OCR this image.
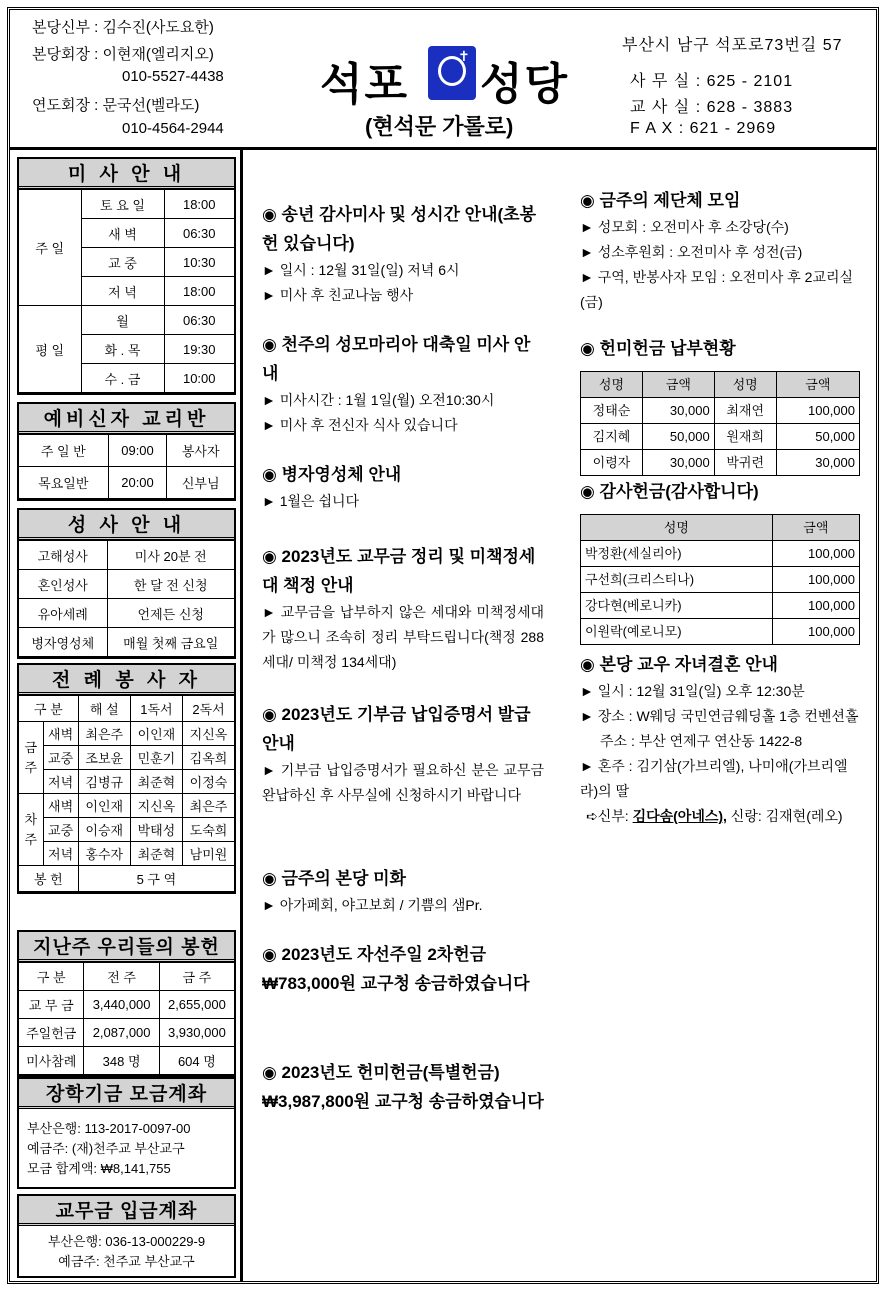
본당신부 : 김수진(사도요한)
본당회장 : 이현재(엘리지오)
010-5527-4438
연도회장 : 문국선(벨라도)
010-4564-2944
석포
✝
성당
(현석문 가롤로)
부산시 남구 석포로73번길 57
사 무 실 : 625 - 2101
교 사 실 : 628 - 3883
F A X : 621 - 2969
미 사 안 내
주 일	토 요 일	18:00
	새 벽	06:30
	교 중	10:30
	저 녁	18:00
평 일	월	06:30
	화 . 목	19:30
	수 . 금	10:00
예비신자 교리반
주 일 반	09:00	봉사자
목요일반	20:00	신부님
성 사 안 내
고해성사	미사 20분 전
혼인성사	한 달 전 신청
유아세례	언제든 신청
병자영성체	매월 첫째 금요일
전 례 봉 사 자
구 분		해 설	1독서	2독서
금주	새벽	최은주	이인재	지신옥
	교중	조보윤	민훈기	김옥희
	저녁	김병규	최준혁	이정숙
차주	새벽	이인재	지신옥	최은주
	교중	이승재	박태성	도숙희
	저녁	홍수자	최준혁	남미원
봉 헌		5 구 역		
지난주 우리들의 봉헌
구 분	전 주	금 주
교 무 금	3,440,000	2,655,000
주일헌금	2,087,000	3,930,000
미사참례	348 명	604 명
장학기금 모금계좌
부산은행: 113-2017-0097-00
예금주: (재)천주교 부산교구
모금 합계액: ₩8,141,755
교무금 입금계좌
부산은행: 036-13-000229-9
예금주: 천주교 부산교구
◉ 송년 감사미사 및 성시간 안내(초봉헌 있습니다)
► 일시 : 12월 31일(일) 저녁 6시
► 미사 후 친교나눔 행사
◉ 천주의 성모마리아 대축일 미사 안내
► 미사시간 : 1월 1일(월) 오전10:30시
► 미사 후 전신자 식사 있습니다
◉ 병자영성체 안내
► 1월은 쉽니다
◉ 2023년도 교무금 정리 및 미책정세대 책정 안내
► 교무금을 납부하지 않은 세대와 미책정세대가 많으니 조속히 정리 부탁드립니다(책정 288세대/ 미책정 134세대)
◉ 2023년도 기부금 납입증명서 발급 안내
► 기부금 납입증명서가 필요하신 분은 교무금 완납하신 후 사무실에 신청하시기 바랍니다
◉ 금주의 본당 미화
► 아가페회, 야고보회 / 기쁨의 샘Pr.
◉ 2023년도 자선주일 2차헌금 ₩783,000원 교구청 송금하였습니다
◉ 2023년도 헌미헌금(특별헌금) ₩3,987,800원 교구청 송금하였습니다
◉ 금주의 제단체 모임
► 성모회 : 오전미사 후 소강당(수)
► 성소후원회 : 오전미사 후 성전(금)
► 구역, 반봉사자 모임 : 오전미사 후 2교리실(금)
◉ 헌미헌금 납부현황
성명	금액	성명	금액
정태순	30,000	최재연	100,000
김지혜	50,000	원재희	50,000
이령자	30,000	박귀련	30,000
◉ 감사헌금(감사합니다)
성명	금액
박정환(세실리아)	100,000
구선희(크리스티나)	100,000
강다현(베로니카)	100,000
이원락(예로니모)	100,000
◉ 본당 교우 자녀결혼 안내
► 일시 : 12월 31일(일) 오후 12:30분
► 장소 : W웨딩 국민연금웨딩홀 1층 컨벤션홀
주소 : 부산 연제구 연산동 1422-8
► 혼주 : 김기삼(가브리엘), 나미애(가브리엘라)의 딸
➪신부: 김다솜(아네스), 신랑: 김재현(레오)
